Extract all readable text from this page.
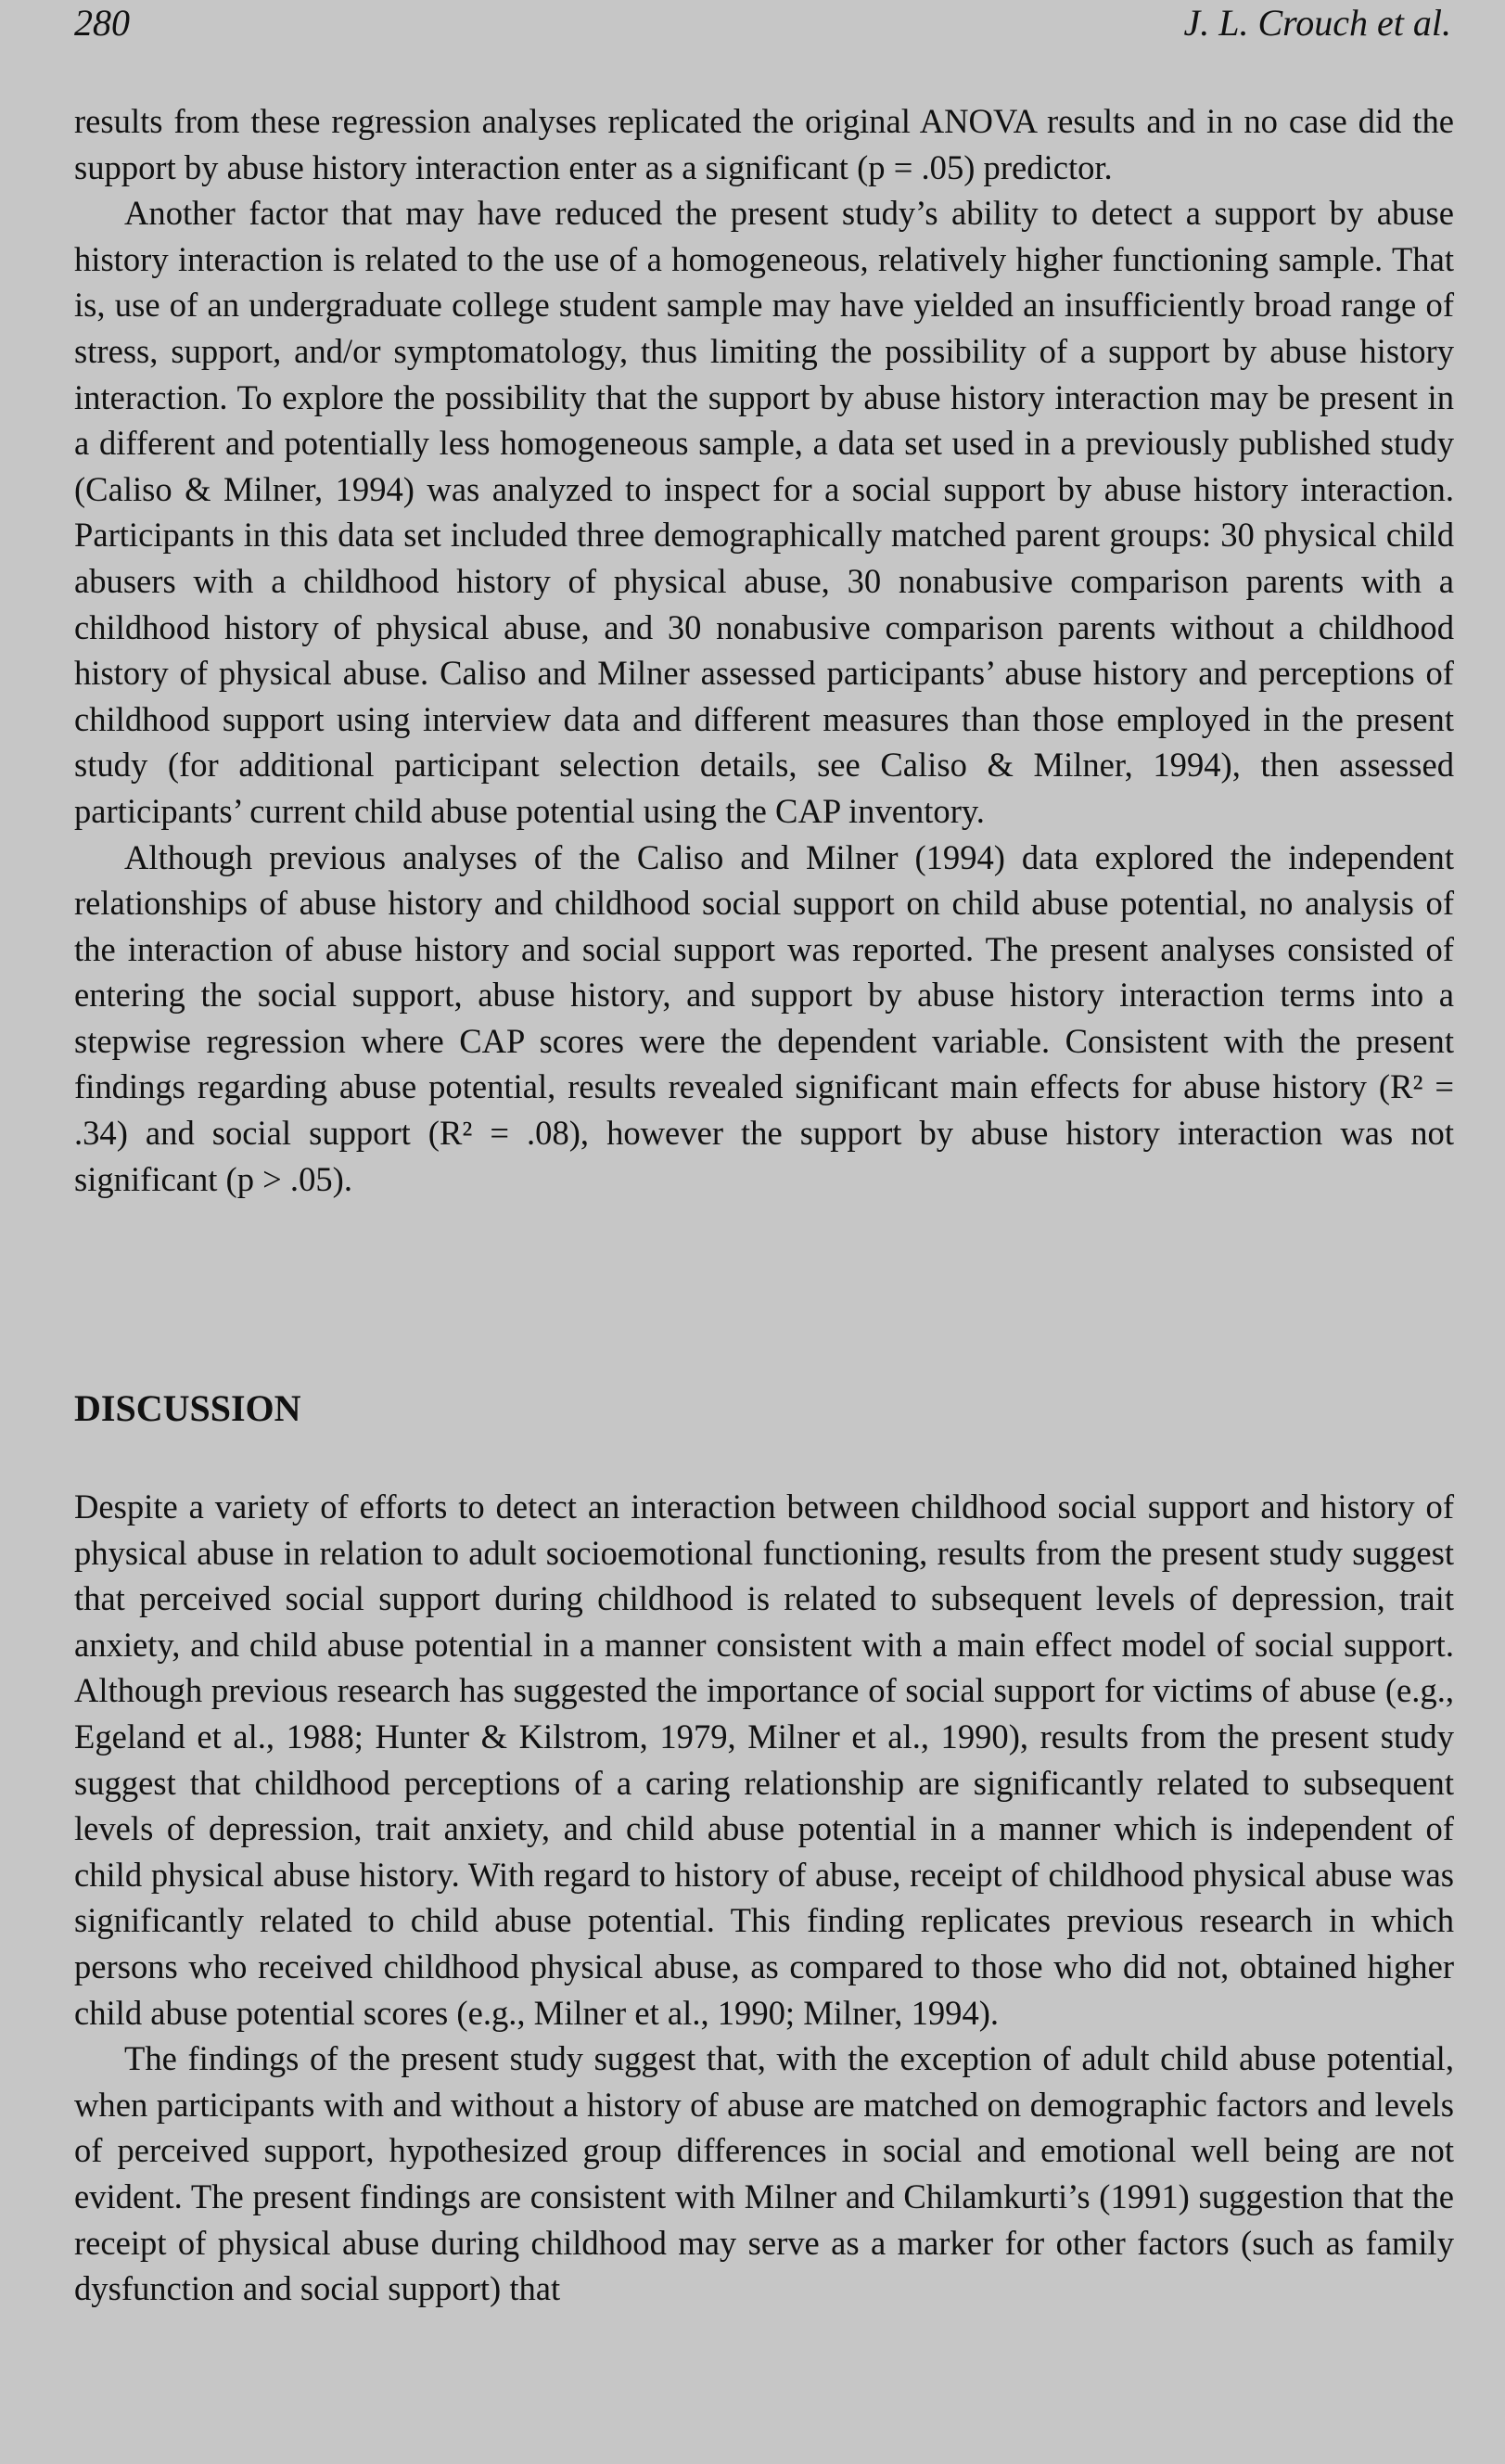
280	J. L. Crouch et al.

results from these regression analyses replicated the original ANOVA results and in no case did the support by abuse history interaction enter as a significant (p = .05) predictor.

Another factor that may have reduced the present study’s ability to detect a support by abuse history interaction is related to the use of a homogeneous, relatively higher functioning sample. That is, use of an undergraduate college student sample may have yielded an insufficiently broad range of stress, support, and/or symptomatology, thus limiting the possibility of a support by abuse history interaction. To explore the possibility that the support by abuse history interaction may be present in a different and potentially less homogeneous sample, a data set used in a previously published study (Caliso & Milner, 1994) was analyzed to inspect for a social support by abuse history interaction. Participants in this data set included three demographically matched parent groups: 30 physical child abusers with a childhood history of physical abuse, 30 nonabusive comparison parents with a childhood history of physical abuse, and 30 nonabusive comparison parents without a childhood history of physical abuse. Caliso and Milner assessed participants’ abuse history and perceptions of childhood support using interview data and different measures than those employed in the present study (for additional participant selection details, see Caliso & Milner, 1994), then assessed participants’ current child abuse potential using the CAP inventory.

Although previous analyses of the Caliso and Milner (1994) data explored the independent relationships of abuse history and childhood social support on child abuse potential, no analysis of the interaction of abuse history and social support was reported. The present analyses consisted of entering the social support, abuse history, and support by abuse history interaction terms into a stepwise regression where CAP scores were the dependent variable. Consistent with the present findings regarding abuse potential, results revealed significant main effects for abuse history (R² = .34) and social support (R² = .08), however the support by abuse history interaction was not significant (p > .05).

DISCUSSION

Despite a variety of efforts to detect an interaction between childhood social support and history of physical abuse in relation to adult socioemotional functioning, results from the present study suggest that perceived social support during childhood is related to subsequent levels of depression, trait anxiety, and child abuse potential in a manner consistent with a main effect model of social support. Although previous research has suggested the importance of social support for victims of abuse (e.g., Egeland et al., 1988; Hunter & Kilstrom, 1979, Milner et al., 1990), results from the present study suggest that childhood perceptions of a caring relationship are significantly related to subsequent levels of depression, trait anxiety, and child abuse potential in a manner which is independent of child physical abuse history. With regard to history of abuse, receipt of childhood physical abuse was significantly related to child abuse potential. This finding replicates previous research in which persons who received childhood physical abuse, as compared to those who did not, obtained higher child abuse potential scores (e.g., Milner et al., 1990; Milner, 1994).

The findings of the present study suggest that, with the exception of adult child abuse potential, when participants with and without a history of abuse are matched on demographic factors and levels of perceived support, hypothesized group differences in social and emotional well being are not evident. The present findings are consistent with Milner and Chilamkurti’s (1991) suggestion that the receipt of physical abuse during childhood may serve as a marker for other factors (such as family dysfunction and social support) that
